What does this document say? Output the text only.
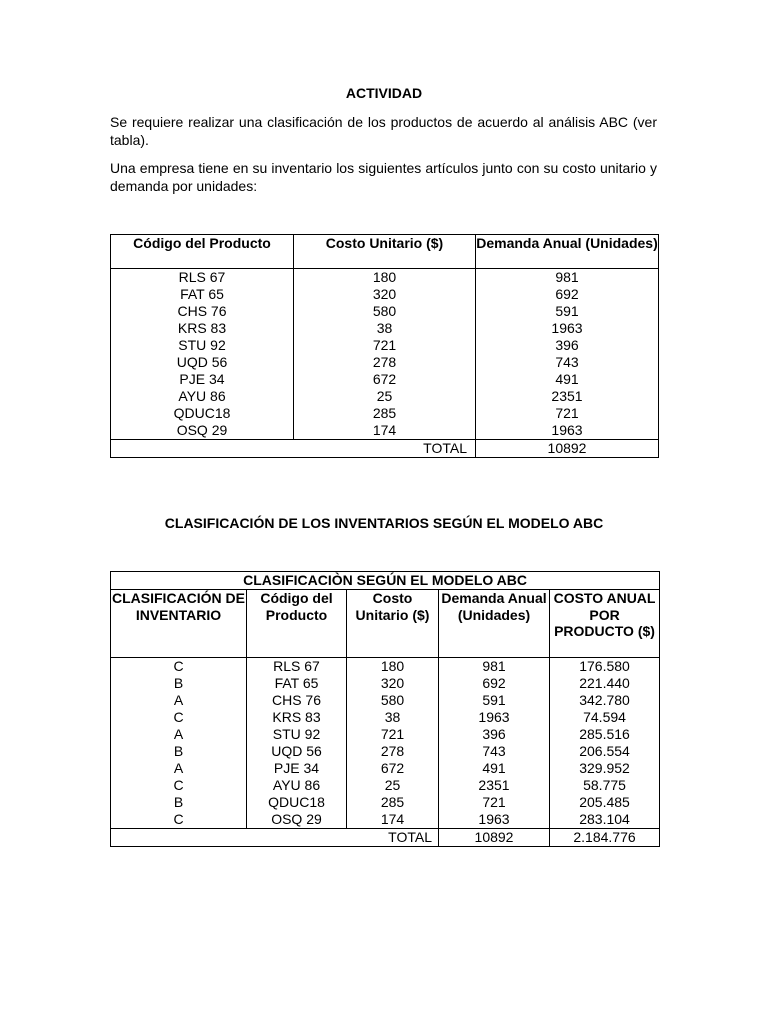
ACTIVIDAD
Se requiere realizar una clasificación de los productos de acuerdo al análisis ABC (ver tabla).
Una empresa tiene en su inventario los siguientes artículos junto con su costo unitario y demanda por unidades:
Código del Producto	Costo Unitario ($)	Demanda Anual (Unidades)
RLS 67	180	981
FAT 65	320	692
CHS 76	580	591
KRS 83	38	1963
STU 92	721	396
UQD 56	278	743
PJE 34	672	491
AYU 86	25	2351
QDUC18	285	721
OSQ 29	174	1963
TOTAL		10892
CLASIFICACIÓN DE LOS INVENTARIOS SEGÚN EL MODELO ABC
CLASIFICACIÒN SEGÚN EL MODELO ABC				
CLASIFICACIÓN DE INVENTARIO	Código del Producto	Costo Unitario ($)	Demanda Anual (Unidades)	COSTO ANUAL POR PRODUCTO ($)
C	RLS 67	180	981	176.580
B	FAT 65	320	692	221.440
A	CHS 76	580	591	342.780
C	KRS 83	38	1963	74.594
A	STU 92	721	396	285.516
B	UQD 56	278	743	206.554
A	PJE 34	672	491	329.952
C	AYU 86	25	2351	58.775
B	QDUC18	285	721	205.485
C	OSQ 29	174	1963	283.104
TOTAL			10892	2.184.776
